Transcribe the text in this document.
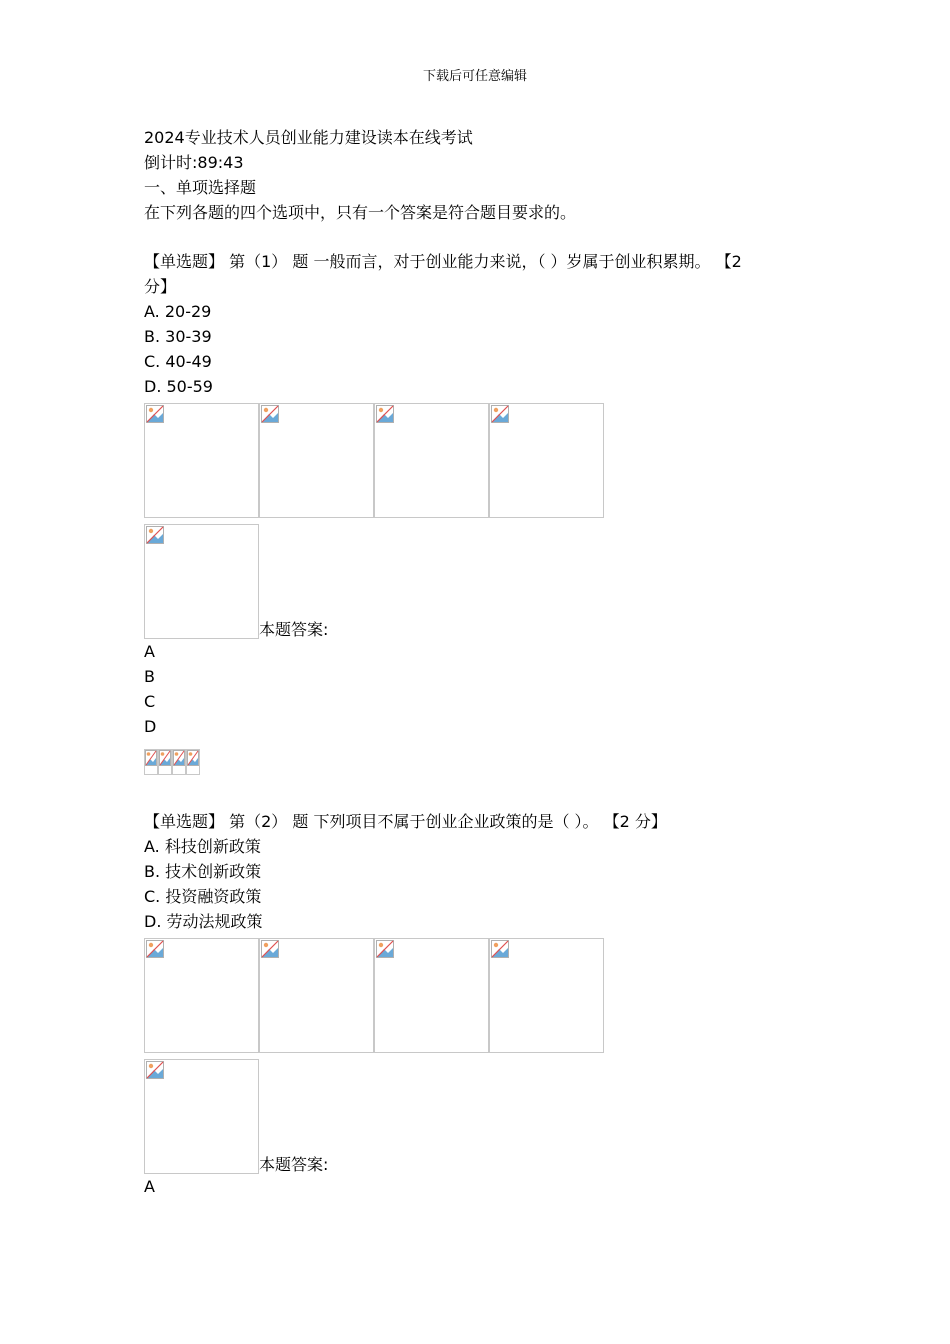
下载后可任意编辑
2024专业技术人员创业能力建设读本在线考试
倒计时:89:43
一、单项选择题
在下列各题的四个选项中，只有一个答案是符合题目要求的。
【单选题】 第（1） 题 一般而言，对于创业能力来说，（ ）岁属于创业积累期。 【2
分】
A. 20-29
B. 30-39
C. 40-49
D. 50-59
本题答案:
A
B
C
D
【单选题】 第（2） 题 下列项目不属于创业企业政策的是（ ）。 【2 分】
A. 科技创新政策
B. 技术创新政策
C. 投资融资政策
D. 劳动法规政策
本题答案:
A
